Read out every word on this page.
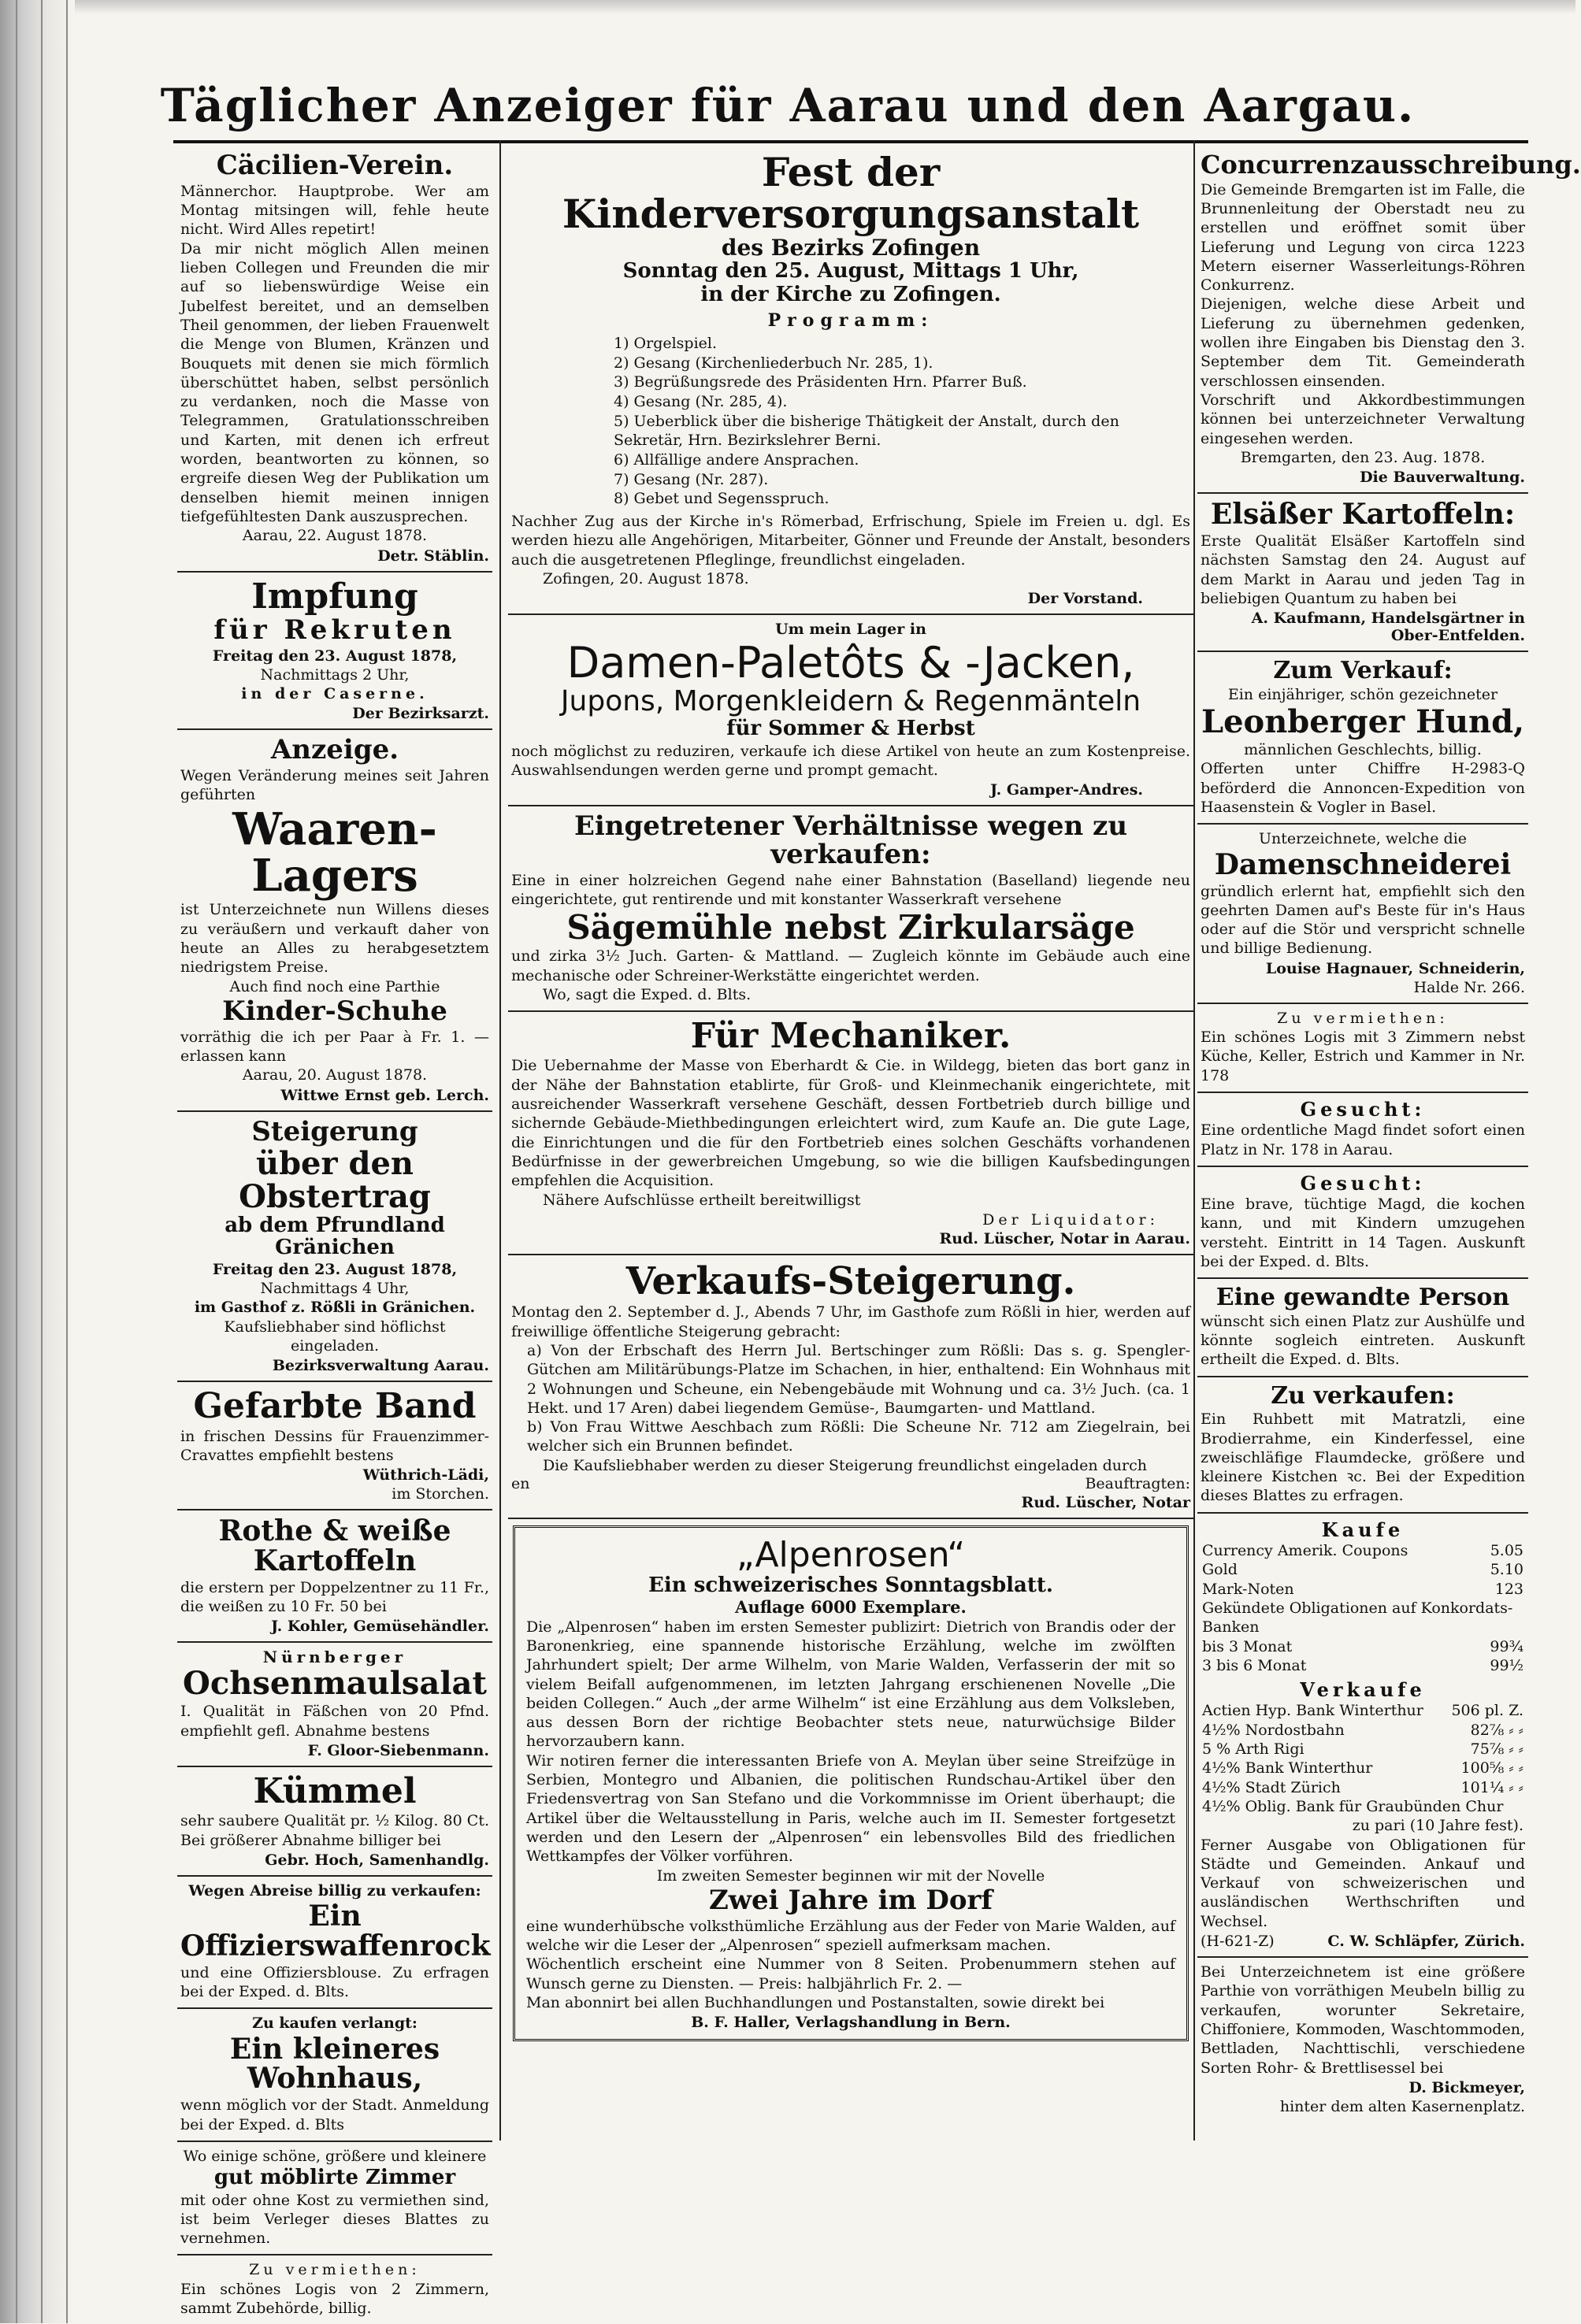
Täglicher Anzeiger für Aarau und den Aargau.
Cäcilien-Verein.

Männerchor. Hauptprobe. Wer am Montag mitsingen will, fehle heute nicht. Wird Alles repetirt!

Da mir nicht möglich Allen meinen lieben Collegen und Freunden die mir auf so liebenswürdige Weise ein Jubelfest bereitet, und an demselben Theil genommen, der lieben Frauenwelt die Menge von Blumen, Kränzen und Bouquets mit denen sie mich förmlich überschüttet haben, selbst persönlich zu verdanken, noch die Masse von Telegrammen, Gratulationsschreiben und Karten, mit denen ich erfreut worden, beantworten zu können, so ergreife diesen Weg der Publikation um denselben hiemit meinen innigen tiefgefühltesten Dank auszusprechen.

Aarau, 22. August 1878.

Detr. Stäblin.
Impfung
für Rekruten

Freitag den 23. August 1878,

Nachmittags 2 Uhr,

in der Caserne.

Der Bezirksarzt.
Anzeige.

Wegen Veränderung meines seit Jahren geführten

Waaren-Lagers

ist Unterzeichnete nun Willens dieses zu veräußern und verkauft daher von heute an Alles zu herabgesetztem niedrigstem Preise.

Auch find noch eine Parthie

Kinder-Schuhe

vorräthig die ich per Paar à Fr. 1. — erlassen kann

Aarau, 20. August 1878.

Wittwe Ernst geb. Lerch.
Steigerung
über den Obstertrag
ab dem Pfrundland Gränichen

Freitag den 23. August 1878,

Nachmittags 4 Uhr,

im Gasthof z. Rößli in Gränichen.

Kaufsliebhaber sind höflichst eingeladen.

Bezirksverwaltung Aarau.
Gefarbte Band

in frischen Dessins für Frauenzimmer-Cravattes empfiehlt bestens

Wüthrich-Lädi,
im Storchen.
Rothe & weiße Kartoffeln

die erstern per Doppelzentner zu 11 Fr., die weißen zu 10 Fr. 50 bei

J. Kohler, Gemüsehändler.
Nürnberger
Ochsenmaulsalat

I. Qualität in Fäßchen von 20 Pfnd. empfiehlt gefl. Abnahme bestens

F. Gloor-Siebenmann.
Kümmel

sehr saubere Qualität pr. ½ Kilog. 80 Ct. Bei größerer Abnahme billiger bei

Gebr. Hoch, Samenhandlg.

Wegen Abreise billig zu verkaufen:

Ein Offizierswaffenrock

und eine Offiziersblouse. Zu erfragen bei der Exped. d. Blts.

Zu kaufen verlangt:

Ein kleineres Wohnhaus,

wenn möglich vor der Stadt. Anmeldung bei der Exped. d. Blts

Wo einige schöne, größere und kleinere

gut möblirte Zimmer

mit oder ohne Kost zu vermiethen sind, ist beim Verleger dieses Blattes zu vernehmen.

Zu vermiethen:

Ein schönes Logis von 2 Zimmern, sammt Zubehörde, billig.

Fest der Kinderversorgungsanstalt
des Bezirks Zofingen
Sonntag den 25. August, Mittags 1 Uhr,
in der Kirche zu Zofingen.
Programm:
1) Orgelspiel.
2) Gesang (Kirchenliederbuch Nr. 285, 1).
3) Begrüßungsrede des Präsidenten Hrn. Pfarrer Buß.
4) Gesang (Nr. 285, 4).
5) Ueberblick über die bisherige Thätigkeit der Anstalt, durch den Sekretär, Hrn. Bezirkslehrer Berni.
6) Allfällige andere Ansprachen.
7) Gesang (Nr. 287).
8) Gebet und Segensspruch.

Nachher Zug aus der Kirche in's Römerbad, Erfrischung, Spiele im Freien u. dgl. Es werden hiezu alle Angehörigen, Mitarbeiter, Gönner und Freunde der Anstalt, besonders auch die ausgetretenen Pfleglinge, freundlichst eingeladen.

Zofingen, 20. August 1878.

Der Vorstand.

Um mein Lager in

Damen-Paletôts & -Jacken,
Jupons, Morgenkleidern & Regenmänteln
für Sommer & Herbst

noch möglichst zu reduziren, verkaufe ich diese Artikel von heute an zum Kostenpreise. Auswahlsendungen werden gerne und prompt gemacht.

J. Gamper-Andres.
Eingetretener Verhältnisse wegen zu verkaufen:

Eine in einer holzreichen Gegend nahe einer Bahnstation (Baselland) liegende neu eingerichtete, gut rentirende und mit konstanter Wasserkraft versehene

Sägemühle nebst Zirkularsäge

und zirka 3½ Juch. Garten- & Mattland. — Zugleich könnte im Gebäude auch eine mechanische oder Schreiner-Werkstätte eingerichtet werden.

Wo, sagt die Exped. d. Blts.

Für Mechaniker.

Die Uebernahme der Masse von Eberhardt & Cie. in Wildegg, bieten das bort ganz in der Nähe der Bahnstation etablirte, für Groß- und Kleinmechanik eingerichtete, mit ausreichender Wasserkraft versehene Geschäft, dessen Fortbetrieb durch billige und sichernde Gebäude-Miethbedingungen erleichtert wird, zum Kaufe an. Die gute Lage, die Einrichtungen und die für den Fortbetrieb eines solchen Geschäfts vorhandenen Bedürfnisse in der gewerbreichen Umgebung, so wie die billigen Kaufsbedingungen empfehlen die Acquisition.

Nähere Aufschlüsse ertheilt bereitwilligst

Der Liquidator:
Rud. Lüscher, Notar in Aarau.
Verkaufs-Steigerung.

Montag den 2. September d. J., Abends 7 Uhr, im Gasthofe zum Rößli in hier, werden auf freiwillige öffentliche Steigerung gebracht:

a) Von der Erbschaft des Herrn Jul. Bertschinger zum Rößli: Das s. g. Spengler-Gütchen am Militärübungs-Platze im Schachen, in hier, enthaltend: Ein Wohnhaus mit 2 Wohnungen und Scheune, ein Nebengebäude mit Wohnung und ca. 3½ Juch. (ca. 1 Hekt. und 17 Aren) dabei liegendem Gemüse-, Baumgarten- und Mattland.

b) Von Frau Wittwe Aeschbach zum Rößli: Die Scheune Nr. 712 am Ziegelrain, bei welcher sich ein Brunnen befindet.

Die Kaufsliebhaber werden zu dieser Steigerung freundlichst eingeladen durch

en	Beauftragten:
Rud. Lüscher, Notar
„Alpenrosen“
Ein schweizerisches Sonntagsblatt.
Auflage 6000 Exemplare.

Die „Alpenrosen“ haben im ersten Semester publizirt: Dietrich von Brandis oder der Baronenkrieg, eine spannende historische Erzählung, welche im zwölften Jahrhundert spielt; Der arme Wilhelm, von Marie Walden, Verfasserin der mit so vielem Beifall aufgenommenen, im letzten Jahrgang erschienenen Novelle „Die beiden Collegen.“ Auch „der arme Wilhelm“ ist eine Erzählung aus dem Volksleben, aus dessen Born der richtige Beobachter stets neue, naturwüchsige Bilder hervorzaubern kann.

Wir notiren ferner die interessanten Briefe von A. Meylan über seine Streifzüge in Serbien, Montegro und Albanien, die politischen Rundschau-Artikel über den Friedensvertrag von San Stefano und die Vorkommnisse im Orient überhaupt; die Artikel über die Weltausstellung in Paris, welche auch im II. Semester fortgesetzt werden und den Lesern der „Alpenrosen“ ein lebensvolles Bild des friedlichen Wettkampfes der Völker vorführen.

Im zweiten Semester beginnen wir mit der Novelle

Zwei Jahre im Dorf

eine wunderhübsche volksthümliche Erzählung aus der Feder von Marie Walden, auf welche wir die Leser der „Alpenrosen“ speziell aufmerksam machen.

Wöchentlich erscheint eine Nummer von 8 Seiten. Probenummern stehen auf Wunsch gerne zu Diensten. — Preis: halbjährlich Fr. 2. —

Man abonnirt bei allen Buchhandlungen und Postanstalten, sowie direkt bei

B. F. Haller, Verlagshandlung in Bern.
Concurrenzausschreibung.

Die Gemeinde Bremgarten ist im Falle, die Brunnenleitung der Oberstadt neu zu erstellen und eröffnet somit über Lieferung und Legung von circa 1223 Metern eiserner Wasserleitungs-Röhren Conkurrenz.

Diejenigen, welche diese Arbeit und Lieferung zu übernehmen gedenken, wollen ihre Eingaben bis Dienstag den 3. September dem Tit. Gemeinderath verschlossen einsenden.

Vorschrift und Akkordbestimmungen können bei unterzeichneter Verwaltung eingesehen werden.

Bremgarten, den 23. Aug. 1878.

Die Bauverwaltung.
Elsäßer Kartoffeln:

Erste Qualität Elsäßer Kartoffeln sind nächsten Samstag den 24. August auf dem Markt in Aarau und jeden Tag in beliebigen Quantum zu haben bei

A. Kaufmann, Handelsgärtner in Ober-Entfelden.
Zum Verkauf:

Ein einjähriger, schön gezeichneter

Leonberger Hund,

männlichen Geschlechts, billig.

Offerten unter Chiffre H-2983-Q beförderd die Annoncen-Expedition von Haasenstein & Vogler in Basel.

Unterzeichnete, welche die

Damenschneiderei

gründlich erlernt hat, empfiehlt sich den geehrten Damen auf's Beste für in's Haus oder auf die Stör und verspricht schnelle und billige Bedienung.

Louise Hagnauer, Schneiderin,
Halde Nr. 266.

Zu vermiethen:

Ein schönes Logis mit 3 Zimmern nebst Küche, Keller, Estrich und Kammer in Nr. 178

Gesucht:

Eine ordentliche Magd findet sofort einen Platz in Nr. 178 in Aarau.

Gesucht:

Eine brave, tüchtige Magd, die kochen kann, und mit Kindern umzugehen versteht. Eintritt in 14 Tagen. Auskunft bei der Exped. d. Blts.

Eine gewandte Person

wünscht sich einen Platz zur Aushülfe und könnte sogleich eintreten. Auskunft ertheilt die Exped. d. Blts.

Zu verkaufen:

Ein Ruhbett mit Matratzli, eine Brodierrahme, ein Kinderfessel, eine zweischläfige Flaumdecke, größere und kleinere Kistchen ꝛc. Bei der Expedition dieses Blattes zu erfragen.

Kaufe
Currency Amerik. Coupons	5.05
Gold	5.10
Mark-Noten	123
Gekündete Obligationen auf Konkordats-Banken	
bis 3 Monat	99¾
3 bis 6 Monat	99½
Verkaufe
Actien Hyp. Bank Winterthur	506 pl. Z.
4½% Nordostbahn	82⅞ ⸗ ⸗
5 % Arth Rigi	75⅞ ⸗ ⸗
4½% Bank Winterthur	100⅝ ⸗ ⸗
4½% Stadt Zürich	101¼ ⸗ ⸗
4½% Oblig. Bank für Graubünden Chur	
zu pari (10 Jahre fest).	

Ferner Ausgabe von Obligationen für Städte und Gemeinden. Ankauf und Verkauf von schweizerischen und ausländischen Werthschriften und Wechsel.

(H-621-Z)	C. W. Schläpfer, Zürich.

Bei Unterzeichnetem ist eine größere Parthie von vorräthigen Meubeln billig zu verkaufen, worunter Sekretaire, Chiffoniere, Kommoden, Waschtommoden, Bettladen, Nachttischli, verschiedene Sorten Rohr- & Brettlisessel bei

D. Bickmeyer,
hinter dem alten Kasernenplatz.
